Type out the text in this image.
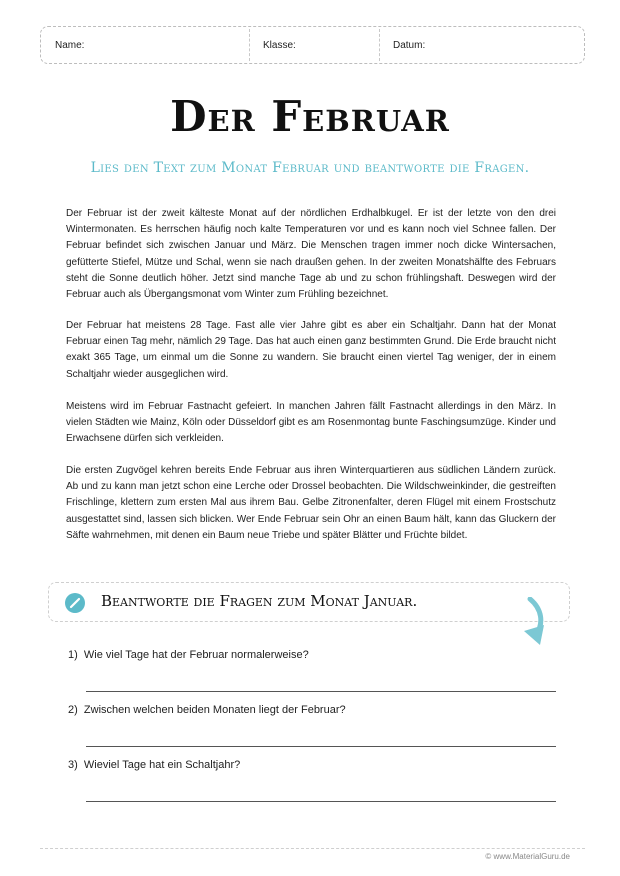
Name:	Klasse:	Datum:
Der Februar
Lies den Text zum Monat Februar und beantworte die Fragen.

Der Februar ist der zweit kälteste Monat auf der nördlichen Erdhalbkugel. Er ist der letzte von den drei Wintermonaten. Es herrschen häufig noch kalte Temperaturen vor und es kann noch viel Schnee fallen. Der Februar befindet sich zwischen Januar und März. Die Menschen tragen immer noch dicke Wintersachen, gefütterte Stiefel, Mütze und Schal, wenn sie nach draußen gehen. In der zweiten Monatshälfte des Februars steht die Sonne deutlich höher. Jetzt sind manche Tage ab und zu schon frühlingshaft. Deswegen wird der Februar auch als Übergangsmonat vom Winter zum Frühling bezeichnet.

Der Februar hat meistens 28 Tage. Fast alle vier Jahre gibt es aber ein Schaltjahr. Dann hat der Monat Februar einen Tag mehr, nämlich 29 Tage. Das hat auch einen ganz bestimmten Grund. Die Erde braucht nicht exakt 365 Tage, um einmal um die Sonne zu wandern. Sie braucht einen viertel Tag weniger, der in einem Schaltjahr wieder ausgeglichen wird.

Meistens wird im Februar Fastnacht gefeiert. In manchen Jahren fällt Fastnacht allerdings in den März. In vielen Städten wie Mainz, Köln oder Düsseldorf gibt es am Rosenmontag bunte Faschingsumzüge. Kinder und Erwachsene dürfen sich verkleiden.

Die ersten Zugvögel kehren bereits Ende Februar aus ihren Winterquartieren aus südlichen Ländern zurück. Ab und zu kann man jetzt schon eine Lerche oder Drossel beobachten. Die Wildschweinkinder, die gestreiften Frischlinge, klettern zum ersten Mal aus ihrem Bau. Gelbe Zitronenfalter, deren Flügel mit einem Frostschutz ausgestattet sind, lassen sich blicken. Wer Ende Februar sein Ohr an einen Baum hält, kann das Gluckern der Säfte wahrnehmen, mit denen ein Baum neue Triebe und später Blätter und Früchte bildet.

Beantworte die Fragen zum Monat Januar.
1) Wie viel Tage hat der Februar normalerweise?
2) Zwischen welchen beiden Monaten liegt der Februar?
3) Wieviel Tage hat ein Schaltjahr?
© www.MaterialGuru.de
